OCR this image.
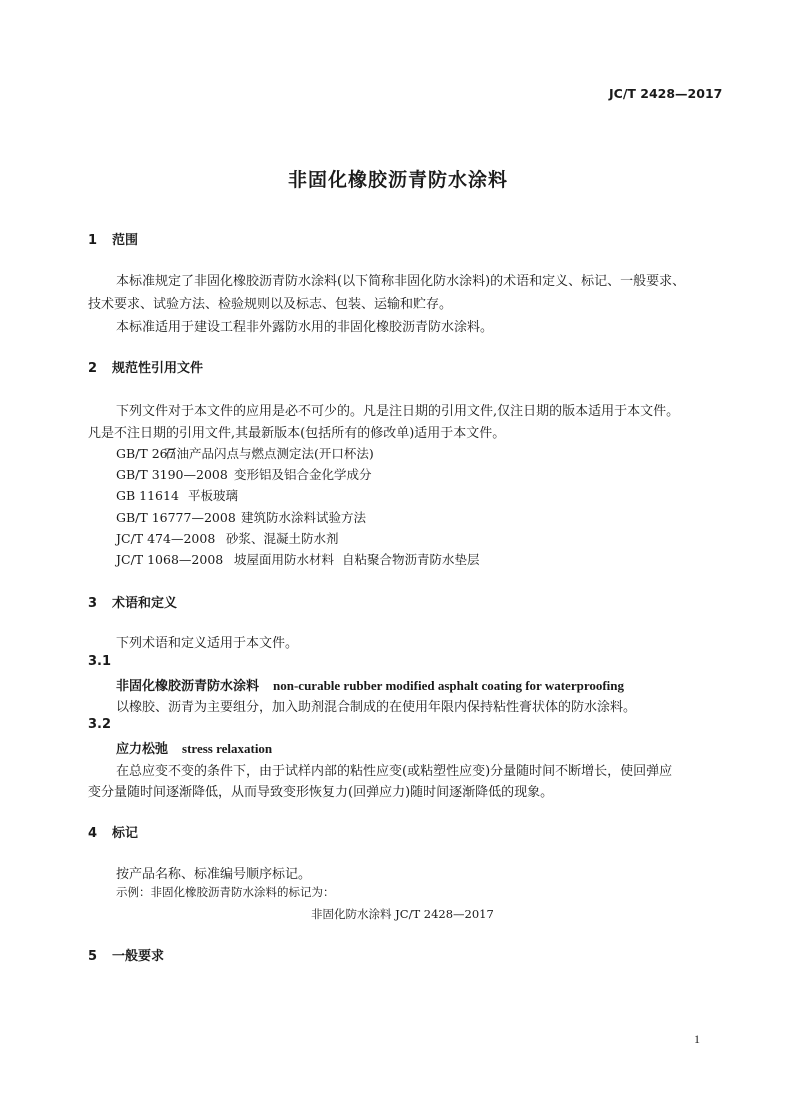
JC/T 2428—2017
非固化橡胶沥青防水涂料
1 范围
本标准规定了非固化橡胶沥青防水涂料(以下简称非固化防水涂料)的术语和定义、标记、一般要求、
技术要求、试验方法、检验规则以及标志、包装、运输和贮存。
本标准适用于建设工程非外露防水用的非固化橡胶沥青防水涂料。
2 规范性引用文件
下列文件对于本文件的应用是必不可少的。凡是注日期的引用文件,仅注日期的版本适用于本文件。
凡是不注日期的引用文件,其最新版本(包括所有的修改单)适用于本文件。
GB/T 267石油产品闪点与燃点测定法(开口杯法)
GB/T 3190—2008 变形铝及铝合金化学成分
GB 11614 平板玻璃
GB/T 16777—2008 建筑防水涂料试验方法
JC/T 474—2008 砂浆、混凝土防水剂
JC/T 1068—2008 坡屋面用防水材料  自粘聚合物沥青防水垫层
3 术语和定义
下列术语和定义适用于本文件。
3.1
非固化橡胶沥青防水涂料 non-curable rubber modified asphalt coating for waterproofing
以橡胶、沥青为主要组分，加入助剂混合制成的在使用年限内保持粘性膏状体的防水涂料。
3.2
应力松弛 stress relaxation
在总应变不变的条件下，由于试样内部的粘性应变(或粘塑性应变)分量随时间不断增长，使回弹应
变分量随时间逐渐降低，从而导致变形恢复力(回弹应力)随时间逐渐降低的现象。
4 标记
按产品名称、标准编号顺序标记。
示例：非固化橡胶沥青防水涂料的标记为：
非固化防水涂料 JC/T 2428—2017
5 一般要求
1
